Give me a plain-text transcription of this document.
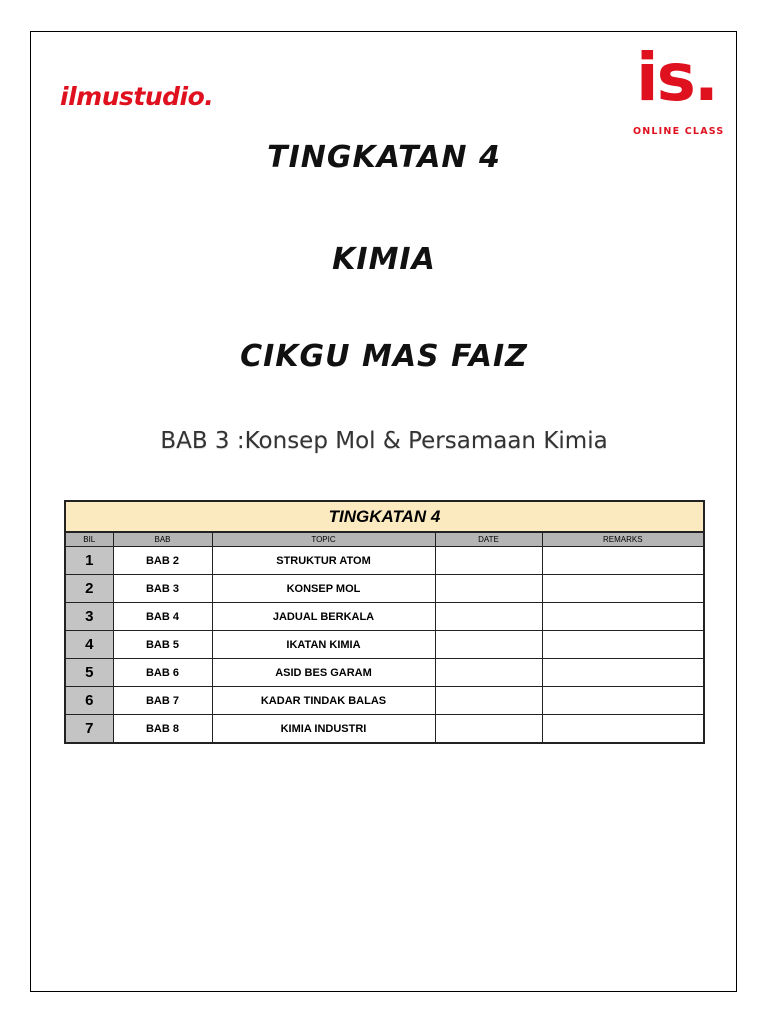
ilmustudio.	is.
ONLINE CLASS
TINGKATAN 4
KIMIA
CIKGU MAS FAIZ
BAB 3 :Konsep Mol & Persamaan Kimia
TINGKATAN 4				
BIL	BAB	TOPIC	DATE	REMARKS
1	BAB 2	STRUKTUR ATOM		
2	BAB 3	KONSEP MOL		
3	BAB 4	JADUAL BERKALA		
4	BAB 5	IKATAN KIMIA		
5	BAB 6	ASID BES GARAM		
6	BAB 7	KADAR TINDAK BALAS		
7	BAB 8	KIMIA INDUSTRI		
